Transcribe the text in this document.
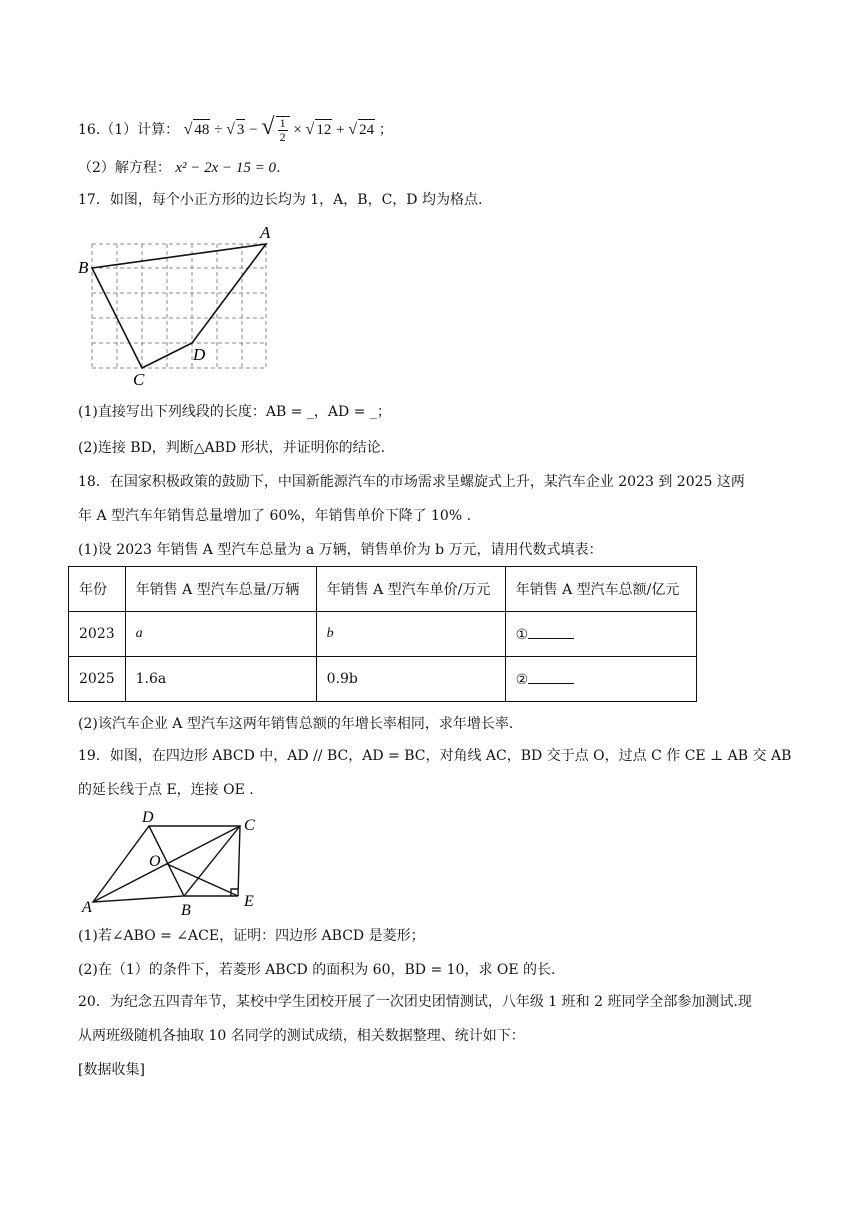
16.（1）计算： √ 48 ÷ √ 3 − √ $\frac{1}{2}$ × √ 12 + √ 24 ；
（2）解方程： x² − 2x − 15 = 0.
17．如图，每个小正方形的边长均为 1，A，B，C，D 均为格点.
A
B
C
D
(1)直接写出下列线段的长度：AB = _，AD = _；
(2)连接 BD，判断△ABD 形状，并证明你的结论.
18．在国家积极政策的鼓励下，中国新能源汽车的市场需求呈螺旋式上升，某汽车企业 2023 到 2025 这两
年 A 型汽车年销售总量增加了 60%，年销售单价下降了 10% .
(1)设 2023 年销售 A 型汽车总量为 a 万辆，销售单价为 b 万元，请用代数式填表：
年份	年销售 A 型汽车总量/万辆	年销售 A 型汽车单价/万元	年销售 A 型汽车总额/亿元
2023	a	b	①
2025	1.6a	0.9b	②
(2)该汽车企业 A 型汽车这两年销售总额的年增长率相同，求年增长率.
19．如图，在四边形 ABCD 中，AD // BC，AD = BC，对角线 AC，BD 交于点 O，过点 C 作 CE ⊥ AB 交 AB
的延长线于点 E，连接 OE .
D	C
O
A	B
E
(1)若∠ABO = ∠ACE，证明：四边形 ABCD 是菱形；
(2)在（1）的条件下，若菱形 ABCD 的面积为 60，BD = 10，求 OE 的长.
20．为纪念五四青年节，某校中学生团校开展了一次团史团情测试，八年级 1 班和 2 班同学全部参加测试.现
从两班级随机各抽取 10 名同学的测试成绩，相关数据整理、统计如下：
[数据收集]
